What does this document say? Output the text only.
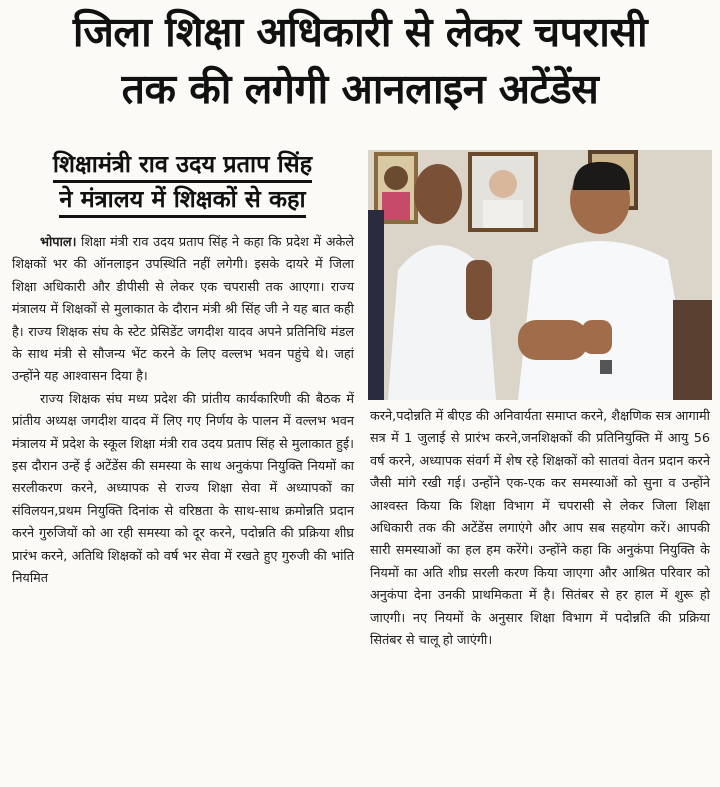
जिला शिक्षा अधिकारी से लेकर चपरासी
तक की लगेगी आनलाइन अटेंडेंस
शिक्षामंत्री राव उदय प्रताप सिंह
ने मंत्रालय में शिक्षकों से कहा

भोपाल। शिक्षा मंत्री राव उदय प्रताप सिंह ने कहा कि प्रदेश में अकेले शिक्षकों भर की ऑनलाइन उपस्थिति नहीं लगेगी। इसके दायरे में जिला शिक्षा अधिकारी और डीपीसी से लेकर एक चपरासी तक आएगा। राज्य मंत्रालय में शिक्षकों से मुलाकात के दौरान मंत्री श्री सिंह जी ने यह बात कही है। राज्य शिक्षक संघ के स्टेट प्रेसिडेंट जगदीश यादव अपने प्रतिनिधि मंडल के साथ मंत्री से सौजन्य भेंट करने के लिए वल्लभ भवन पहुंचे थे। जहां उन्होंने यह आश्वासन दिया है।

राज्य शिक्षक संघ मध्य प्रदेश की प्रांतीय कार्यकारिणी की बैठक में प्रांतीय अध्यक्ष जगदीश यादव में लिए गए निर्णय के पालन में वल्लभ भवन मंत्रालय में प्रदेश के स्कूल शिक्षा मंत्री राव उदय प्रताप सिंह से मुलाकात हुई। इस दौरान उन्हें ई अटेंडेंस की समस्या के साथ अनुकंपा नियुक्ति नियमों का सरलीकरण करने, अध्यापक से राज्य शिक्षा सेवा में अध्यापकों का संविलयन,प्रथम नियुक्ति दिनांक से वरिष्ठता के साथ-साथ क्रमोन्नति प्रदान करने गुरुजियों को आ रही समस्या को दूर करने, पदोन्नति की प्रक्रिया शीघ्र प्रारंभ करने, अतिथि शिक्षकों को वर्ष भर सेवा में रखते हुए गुरुजी की भांति नियमित

करने,पदोन्नति में बीएड की अनिवार्यता समाप्त करने, शैक्षणिक सत्र आगामी सत्र में 1 जुलाई से प्रारंभ करने,जनशिक्षकों की प्रतिनियुक्ति में आयु 56 वर्ष करने, अध्यापक संवर्ग में शेष रहे शिक्षकों को सातवां वेतन प्रदान करने जैसी मांगे रखी गई। उन्होंने एक-एक कर समस्याओं को सुना व उन्होंने आश्वस्त किया कि शिक्षा विभाग में चपरासी से लेकर जिला शिक्षा अधिकारी तक की अटेंडेंस लगाएंगे और आप सब सहयोग करें। आपकी सारी समस्याओं का हल हम करेंगे। उन्होंने कहा कि अनुकंपा नियुक्ति के नियमों का अति शीघ्र सरली करण किया जाएगा और आश्रित परिवार को अनुकंपा देना उनकी प्राथमिकता में है। सितंबर से हर हाल में शुरू हो जाएगी। नए नियमों के अनुसार शिक्षा विभाग में पदोन्नति की प्रक्रिया सितंबर से चालू हो जाएंगी।
